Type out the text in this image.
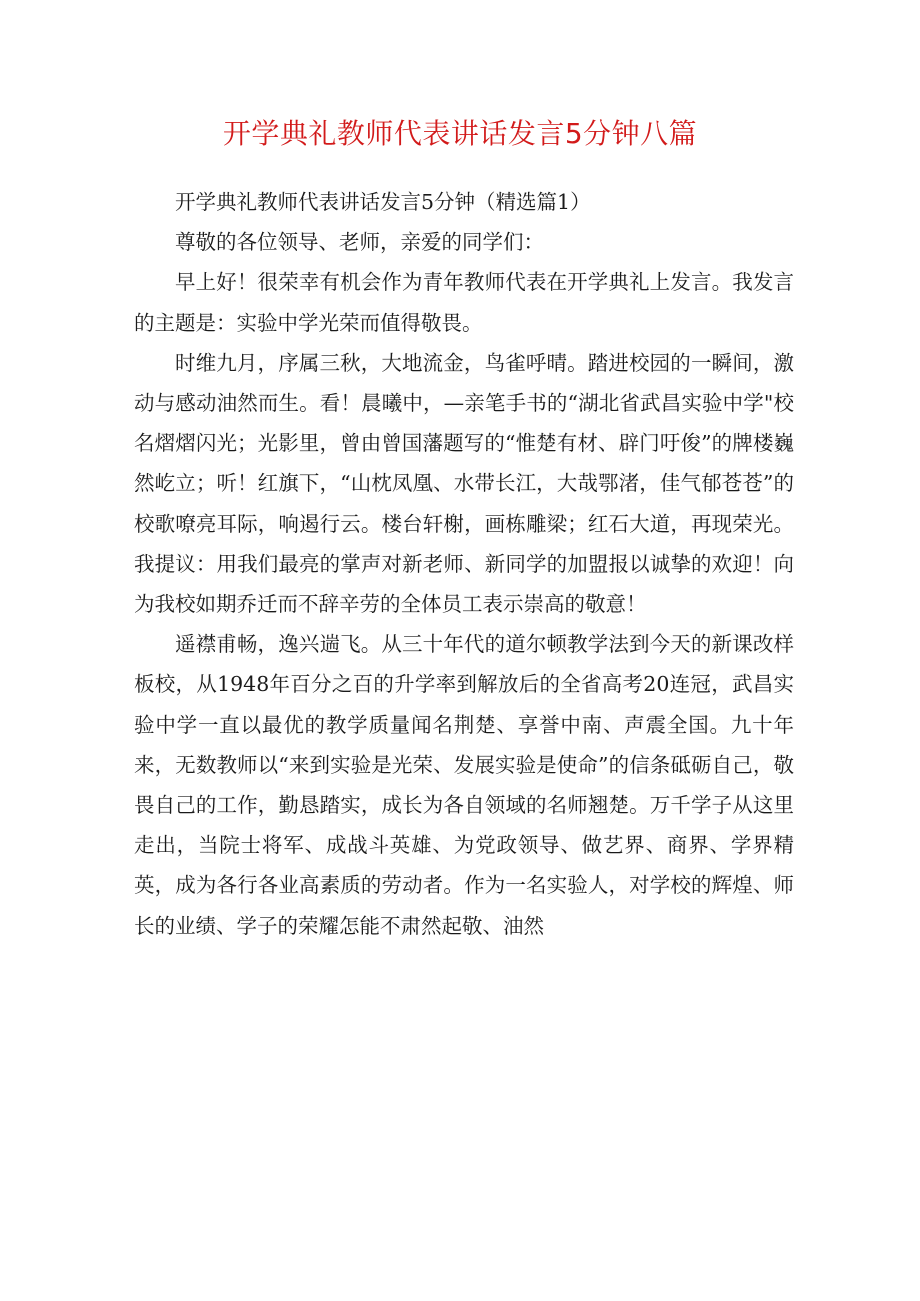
开学典礼教师代表讲话发言5分钟八篇

开学典礼教师代表讲话发言5分钟（精选篇1）

尊敬的各位领导、老师，亲爱的同学们：

早上好！很荣幸有机会作为青年教师代表在开学典礼上发言。我发言的主题是：实验中学光荣而值得敬畏。

时维九月，序属三秋，大地流金，鸟雀呼晴。踏进校园的一瞬间，激动与感动油然而生。看！晨曦中，—亲笔手书的“湖北省武昌实验中学"校名熠熠闪光；光影里，曾由曾国藩题写的“惟楚有材、辟门吁俊”的牌楼巍然屹立；听！红旗下，“山枕凤凰、水带长江，大哉鄂渚，佳气郁苍苍”的校歌嘹亮耳际，响遏行云。楼台轩榭，画栋雕梁；红石大道，再现荣光。我提议：用我们最亮的掌声对新老师、新同学的加盟报以诚挚的欢迎！向为我校如期乔迁而不辞辛劳的全体员工表示崇高的敬意！

遥襟甫畅，逸兴遄飞。从三十年代的道尔顿教学法到今天的新课改样板校，从1948年百分之百的升学率到解放后的全省高考20连冠，武昌实验中学一直以最优的教学质量闻名荆楚、享誉中南、声震全国。九十年来，无数教师以“来到实验是光荣、发展实验是使命”的信条砥砺自己，敬畏自己的工作，勤恳踏实，成长为各自领域的名师翘楚。万千学子从这里走出，当院士将军、成战斗英雄、为党政领导、做艺界、商界、学界精英，成为各行各业高素质的劳动者。作为一名实验人，对学校的辉煌、师长的业绩、学子的荣耀怎能不肃然起敬、油然
